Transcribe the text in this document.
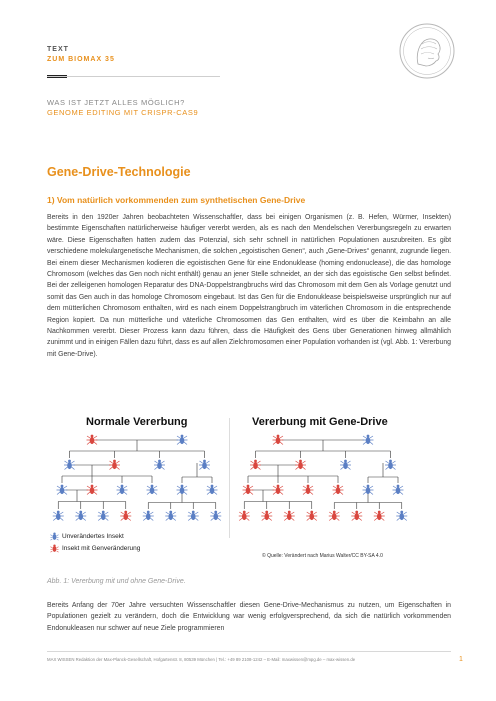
TEXT
ZUM BIOMAX 35
WAS IST JETZT ALLES MÖGLICH?
GENOME EDITING MIT CRISPR-CAS9
Gene-Drive-Technologie
1) Vom natürlich vorkommenden zum synthetischen Gene-Drive
Bereits in den 1920er Jahren beobachteten Wissenschaftler, dass bei einigen Organismen (z. B. Hefen, Würmer, Insekten) bestimmte Eigenschaften natürlicherweise häufiger vererbt werden, als es nach den Mendelschen Vererbungsregeln zu erwarten wäre. Diese Eigenschaften hatten zudem das Potenzial, sich sehr schnell in natürlichen Populationen auszubreiten. Es gibt verschiedene molekulargenetische Mechanismen, die solchen „egoistischen Genen“, auch „Gene-Drives“ genannt, zugrunde liegen. Bei einem dieser Mechanismen kodieren die egoistischen Gene für eine Endonuklease (homing endonuclease), die das homologe Chromosom (welches das Gen noch nicht enthält) genau an jener Stelle schneidet, an der sich das egoistische Gen selbst befindet. Bei der zelleigenen homologen Reparatur des DNA-Doppelstrangbruchs wird das Chromosom mit dem Gen als Vorlage genutzt und somit das Gen auch in das homologe Chromosom eingebaut. Ist das Gen für die Endonuklease beispielsweise ursprünglich nur auf dem mütterlichen Chromosom enthalten, wird es nach einem Doppelstrangbruch im väterlichen Chromosom in die entsprechende Region kopiert. Da nun mütterliche und väterliche Chromosomen das Gen enthalten, wird es über die Keimbahn an alle Nachkommen vererbt. Dieser Prozess kann dazu führen, dass die Häufigkeit des Gens über Generationen hinweg allmählich zunimmt und in einigen Fällen dazu führt, dass es auf allen Zielchromosomen einer Population vorhanden ist (vgl. Abb. 1: Vererbung mit Gene-Drive).
Normale Vererbung	Vererbung mit Gene-Drive
Unverändertes Insekt
Insekt mit Genveränderung
© Quelle: Verändert nach Marius Walter/CC BY-SA 4.0
Abb. 1: Vererbung mit und ohne Gene-Drive.
Bereits Anfang der 70er Jahre versuchten Wissenschaftler diesen Gene-Drive-Mechanismus zu nutzen, um Eigenschaften in Populationen gezielt zu verändern, doch die Entwicklung war wenig erfolgversprechend, da sich die natürlich vorkommenden Endonukleasen nur schwer auf neue Ziele programmieren
MAX WISSEN Redaktion der Max-Planck-Gesellschaft, Hofgartenstr. 8, 80539 München | Tel.: +49 89 2108-1242 – E-Mail: maxwissen@mpg.de – max-wissen.de	1
